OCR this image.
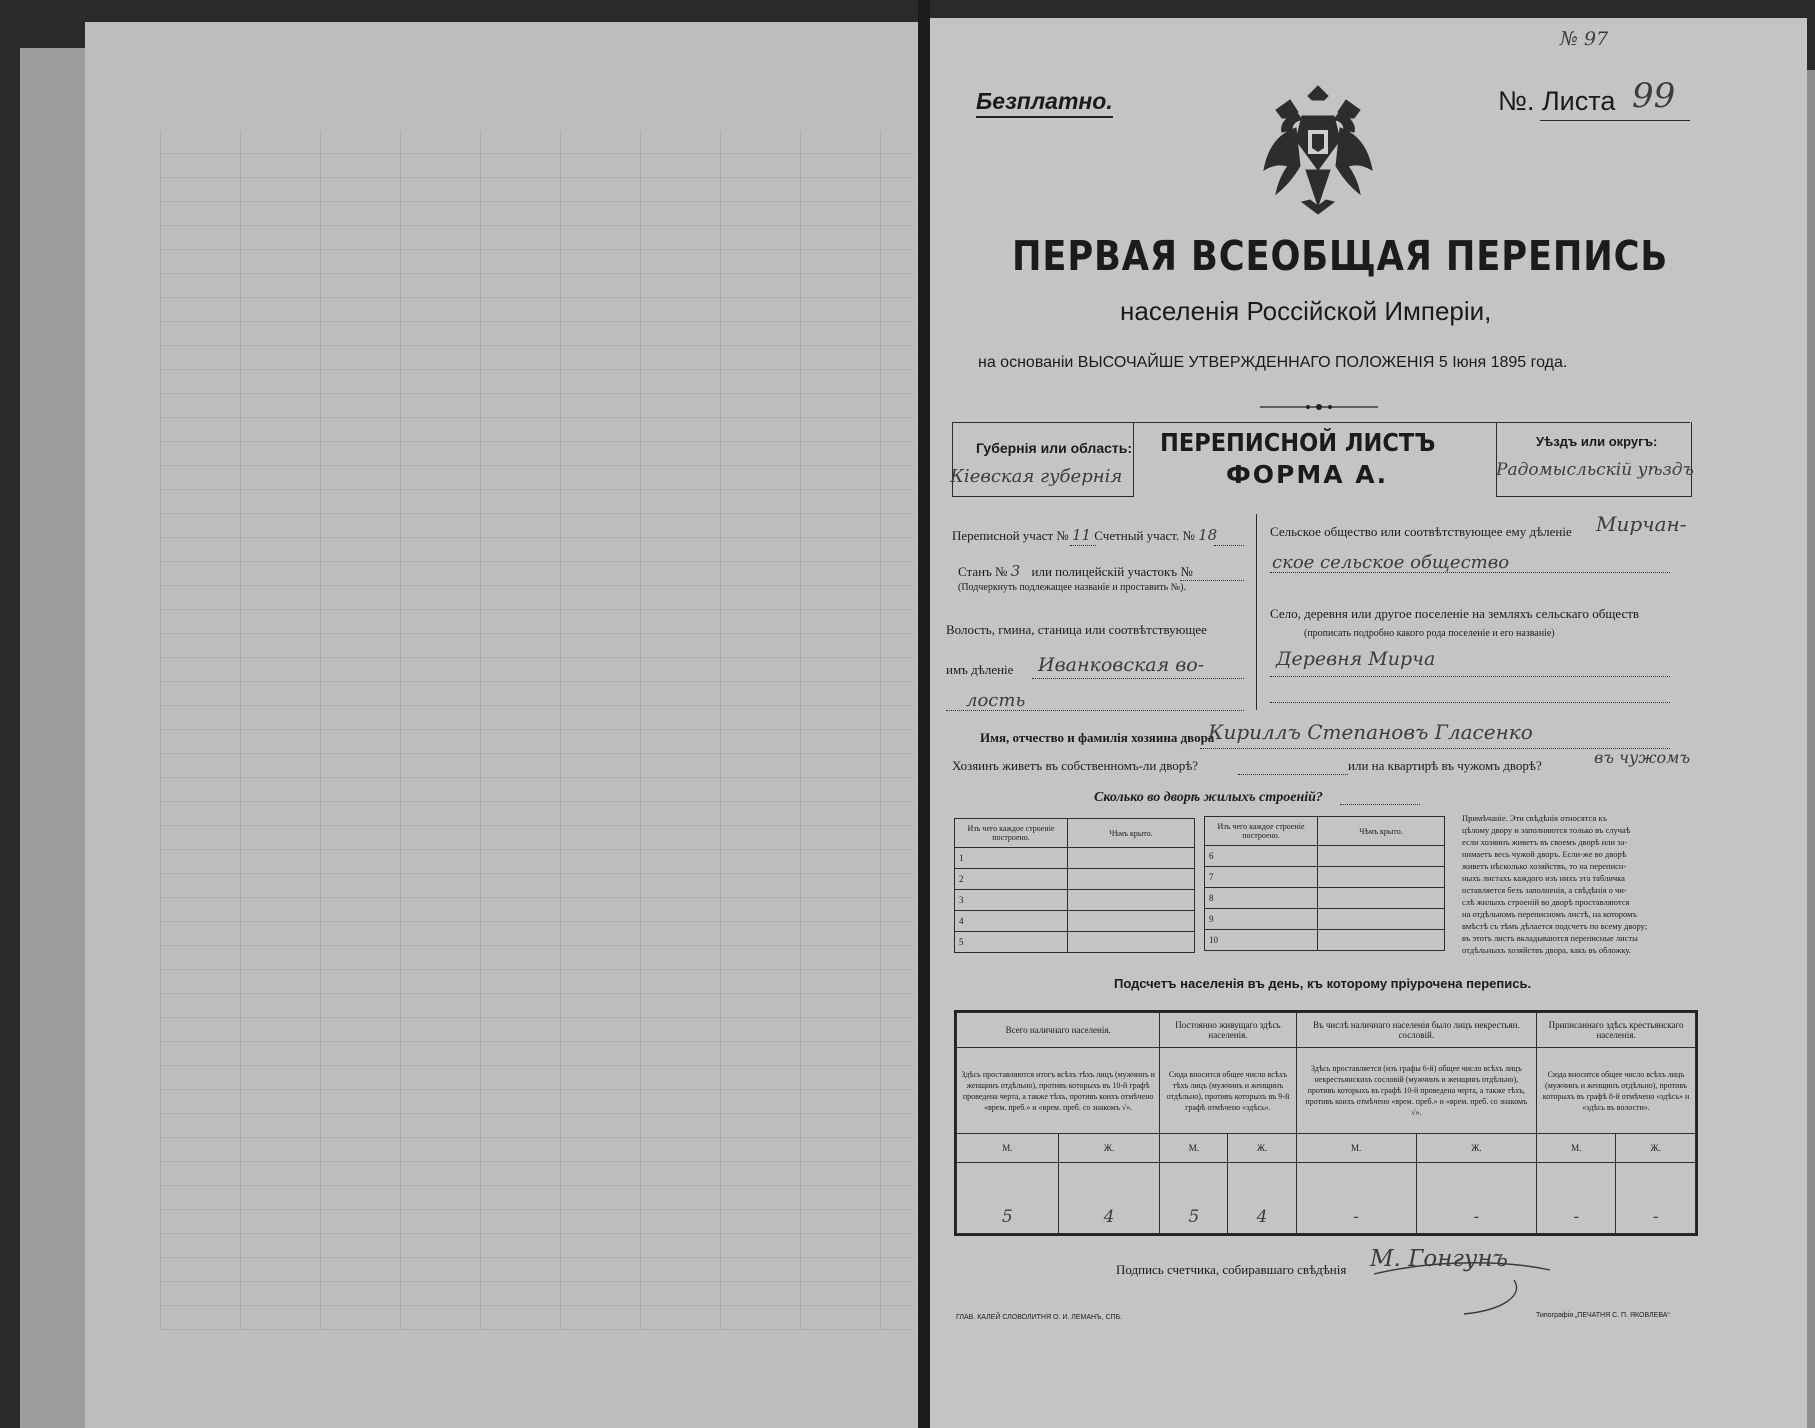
№ 97
Безплатно.	№. Листа 99
ПЕРВАЯ ВСЕОБЩАЯ ПЕРЕПИСЬ
населенія Россійской Имперіи,
на основаніи ВЫСОЧАЙШЕ УТВЕРЖДЕННАГО ПОЛОЖЕНІЯ 5 Іюня 1895 года.
Губернія или область:
Кіевская губернія
ПЕРЕПИСНОЙ ЛИСТЪ
ФОРМА А.
Уѣздъ или округъ:
Радомысльскій уѣздъ
Переписной участ № 11 Счетный участ. № 18
Станъ № 3 или полицейскій участокъ №
(Подчеркнуть подлежащее названіе и проставить №).
Волость, гмина, станица или соотвѣтствующее
имъ дѣленіе Иванковская во-
лость
Сельское общество или соотвѣтствующее ему дѣленіе Мирчан-
ское сельское общество
Село, деревня или другое поселеніе на земляхъ сельскаго обществ
(прописать подробно какого рода поселеніе и его названіе)
Деревня Мирча
Имя, отчество и фамилія хозяина двора
Кириллъ Степановъ Гласенко
Хозяинъ живетъ въ собственномъ-ли дворѣ?	или на квартирѣ въ чужомъ дворѣ?	въ чужомъ
Сколько во дворѣ жилыхъ строеній?
Изъ чего каждое строеніе построено.	Чѣмъ крыто.
1	
2	
3	
4	
5	
Изъ чего каждое строеніе построено.	Чѣмъ крыто.
6	
7	
8	
9	
10	
Примѣчаніе. Эти свѣдѣнія относятся къ
цѣлому двору и заполняются только въ случаѣ
если хозяинъ живетъ въ своемъ дворѣ или за-
нимаетъ весь чужой дворъ. Если-же во дворѣ
живетъ нѣсколько хозяйствъ, то на переписн-
ныхъ листахъ каждого изъ нихъ эта табличка
оставляется безъ заполненія, а свѣдѣнія о чи-
слѣ жилыхъ строеній во дворѣ проставляются
на отдѣльномъ переписномъ листѣ, на которомъ
вмѣстѣ съ тѣмъ дѣлается подсчетъ по всему двору;
въ этотъ листъ вкладываются переписные листы
отдѣльныхъ хозяйствъ двора, какъ въ обложку.
Подсчетъ населенія въ день, къ которому пріурочена перепись.
Всего наличнаго населенія.		Постоянно живущаго здѣсь населенія.		Въ числѣ наличнаго населенія было лицъ некрестьян. сословій.		Приписаннаго здѣсь крестьянскаго населенія.	
Здѣсь проставляются итогъ всѣхъ тѣхъ лицъ (мужчинъ и женщинъ отдѣльно), противъ которыхъ въ 10-й графѣ проведена черта, а также тѣхъ, противъ коихъ отмѣчено «врем. преб.» и «врем. преб. со знакомъ √».		Сюда вносится общее число всѣхъ тѣхъ лицъ (мужчинъ и женщинъ отдѣльно), противъ которыхъ въ 9-й графѣ отмѣчено «здѣсь».		Здѣсь проставляется (изъ графы 6-й) общее число всѣхъ лицъ некрестьянскихъ сословій (мужчинъ и женщинъ отдѣльно), противъ которыхъ въ графѣ 10-й проведена черта, а также тѣхъ, противъ коихъ отмѣчено «врем. преб.» и «врем. преб. со знакомъ √».		Сюда вносится общее число всѣхъ лицъ (мужчинъ и женщинъ отдѣльно), противъ которыхъ въ графѣ 8-й отмѣчено «здѣсь» и «здѣсь въ волости».	
М.	Ж.	М.	Ж.	М.	Ж.	М.	Ж.
5	4	5	4	-	-	-	-
Подпись счетчика, собиравшаго свѣдѣнія М. Гонгунъ
ГЛАВ. КАЛЕЙ СЛОВОЛИТНЯ О. И. ЛЕМАНЪ, СПБ.	Типографія „ПЕЧАТНЯ С. П. ЯКОВЛЕВА“
